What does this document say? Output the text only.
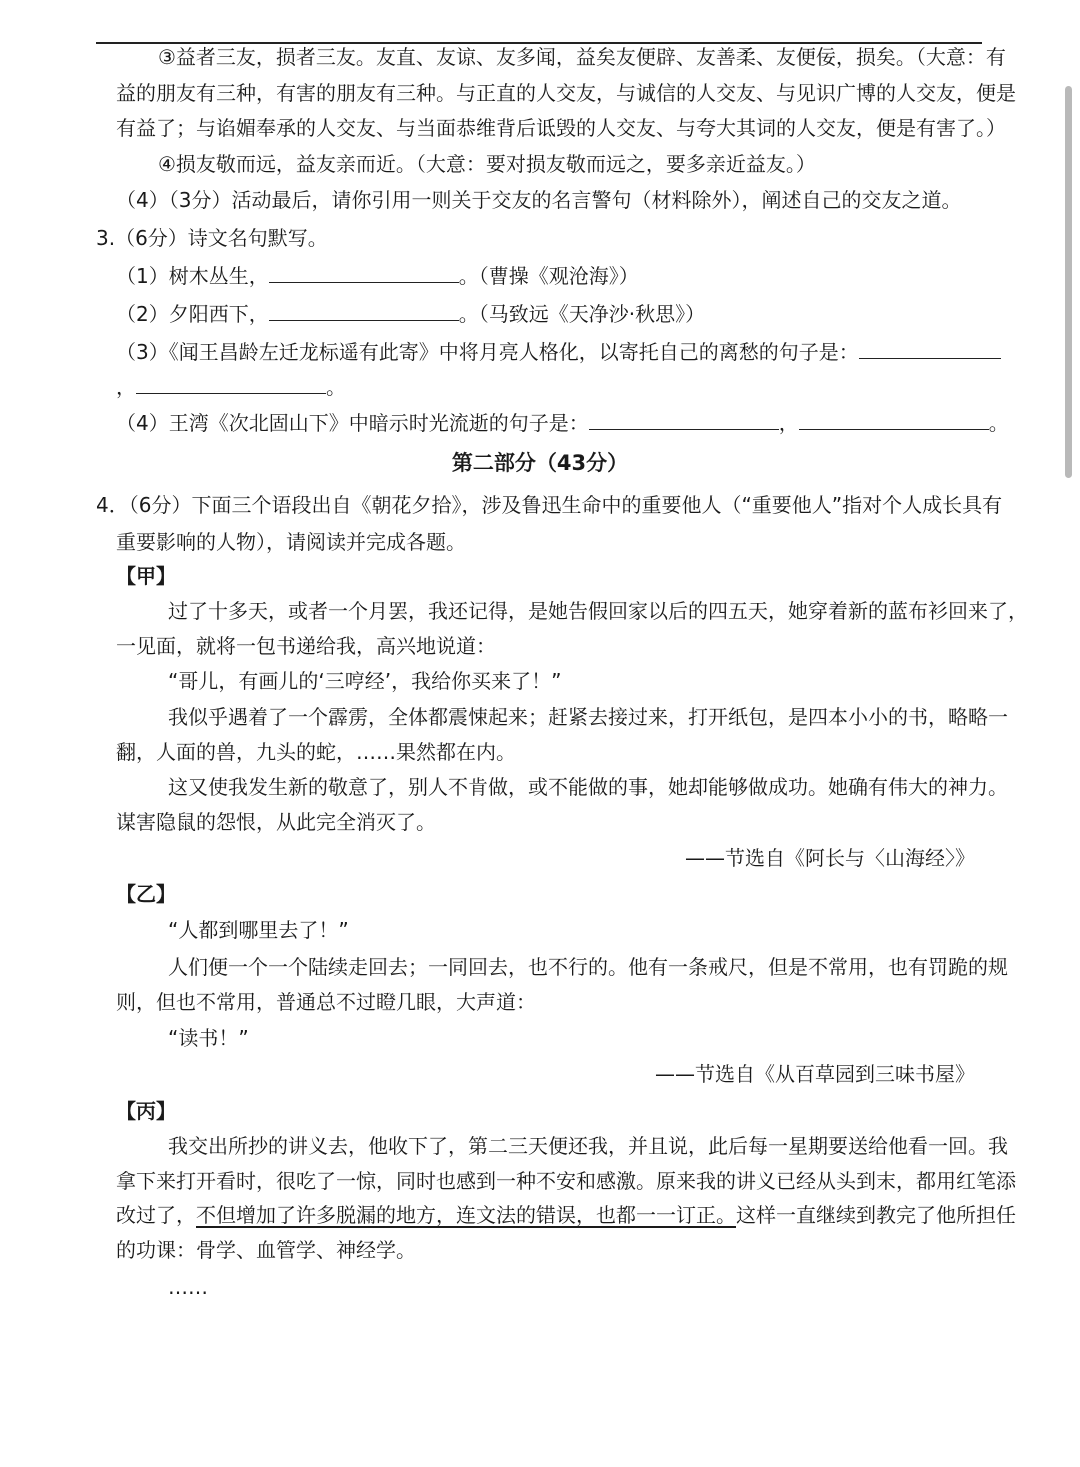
③益者三友，损者三友。友直、友谅、友多闻，益矣友便辟、友善柔、友便佞，损矣。（大意：有
益的朋友有三种，有害的朋友有三种。与正直的人交友，与诚信的人交友、与见识广博的人交友，便是
有益了；与谄媚奉承的人交友、与当面恭维背后诋毁的人交友、与夸大其词的人交友，便是有害了。）
④损友敬而远，益友亲而近。（大意：要对损友敬而远之，要多亲近益友。）
（4）（3分）活动最后，请你引用一则关于交友的名言警句（材料除外），阐述自己的交友之道。
3.（6分）诗文名句默写。
（1）树木丛生，	。（曹操《观沧海》）
（2）夕阳西下，	。（马致远《天净沙·秋思》）
（3）《闻王昌龄左迁龙标遥有此寄》中将月亮人格化，以寄托自己的离愁的句子是：
，	。
（4）王湾《次北固山下》中暗示时光流逝的句子是：	，	。
第二部分（43分）
4．（6分）下面三个语段出自《朝花夕拾》，涉及鲁迅生命中的重要他人（“重要他人”指对个人成长具有
重要影响的人物），请阅读并完成各题。
【甲】
过了十多天，或者一个月罢，我还记得，是她告假回家以后的四五天，她穿着新的蓝布衫回来了，
一见面，就将一包书递给我，高兴地说道：
“哥儿，有画儿的‘三哼经’，我给你买来了！”
我似乎遇着了一个霹雳，全体都震悚起来；赶紧去接过来，打开纸包，是四本小小的书，略略一
翻，人面的兽，九头的蛇，……果然都在内。
这又使我发生新的敬意了，别人不肯做，或不能做的事，她却能够做成功。她确有伟大的神力。
谋害隐鼠的怨恨，从此完全消灭了。
——节选自《阿长与〈山海经〉》
【乙】
“人都到哪里去了！”
人们便一个一个陆续走回去；一同回去，也不行的。他有一条戒尺，但是不常用，也有罚跪的规
则，但也不常用，普通总不过瞪几眼，大声道：
“读书！”
——节选自《从百草园到三味书屋》
【丙】
我交出所抄的讲义去，他收下了，第二三天便还我，并且说，此后每一星期要送给他看一回。我
拿下来打开看时，很吃了一惊，同时也感到一种不安和感激。原来我的讲义已经从头到末，都用红笔添
改过了，不但增加了许多脱漏的地方，连文法的错误，也都一一订正。这样一直继续到教完了他所担任
的功课：骨学、血管学、神经学。
……
